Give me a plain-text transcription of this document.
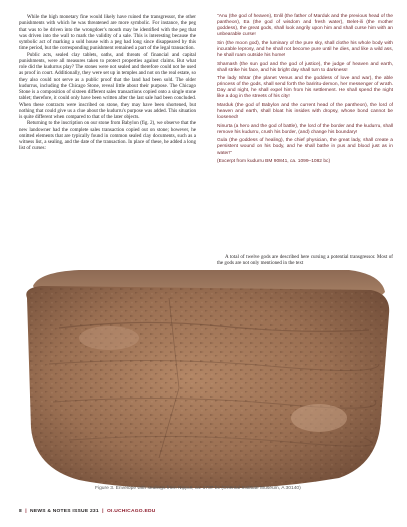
While the high monetary fine would likely have ruined the transgressor, the other punishments with which he was threatened are more symbolic. For instance, the peg that was to be driven into the wrongdoer's mouth may be identified with the peg that was driven into the wall to mark the validity of a sale. This is interesting because the symbolic act of marking a sold house with a peg had long since disappeared by this time period, but the corresponding punishment remained a part of the legal transaction.

Public acts, sealed clay tablets, oaths, and threats of financial and capital punishments, were all measures taken to protect properties against claims. But what role did the kudurrus play? The stones were not sealed and therefore could not be used as proof in court. Additionally, they were set up in temples and not on the real estate, so they also could not serve as a public proof that the land had been sold. The older kudurrus, including the Chicago Stone, reveal little about their purpose. The Chicago Stone is a composition of sixteen different sales transactions copied onto a single stone tablet; therefore, it could only have been written after the last sale had been concluded. When these contracts were inscribed on stone, they may have been shortened, but nothing that could give us a clue about the kudurru's purpose was added. This situation is quite different when compared to that of the later objects.

Returning to the inscription on our stone from Babylon (fig. 2), we observe that the new landowner had the complete sales transaction copied out on stone; however, he omitted elements that are typically found in common sealed clay documents, such as a witness list, a sealing, and the date of the transaction. In place of these, he added a long list of curses:

"Anu (the god of heaven), Enlil (the father of Marduk and the previous head of the pantheon), Ea (the god of wisdom and fresh water), Belet-ili (the mother goddess), the great gods, shall look angrily upon him and shall curse him with an unbearable curse!

Sin (the moon god), the luminary of the pure sky, shall clothe his whole body with incurable leprosy, and he shall not become pure until he dies, and like a wild ass, he shall roam outside his home!

Shamash (the sun god and the god of justice), the judge of heaven and earth, shall strike his face, and his bright day shall turn to darkness!

The lady Ishtar (the planet Venus and the goddess of love and war), the able princess of the gods, shall send forth the bariritu-demon, her messenger of wrath. Day and night, he shall expel him from his settlement. He shall spend the night like a dog in the streets of his city!

Marduk (the god of Babylon and the current head of the pantheon), the lord of heaven and earth, shall bloat his insides with dropsy, whose bond cannot be loosened!

Ninurta (a hero and the god of battle), the lord of the border and the kudurru, shall remove his kudurru, crush his border, (and) change his boundary!

Gula (the goddess of healing), the chief physician, the great lady, shall create a persistent wound on his body, and he shall bathe in pus and blood just as in water!"

(Excerpt from kudurru BM 90841, ca. 1099–1082 bc)

A total of twelve gods are described here cursing a potential transgressor. Most of the gods are not only mentioned in the text

Figure 3. Envelope with sealings from Nippur, ca. 1737 bc (Oriental Institute Museum, A 30140)
8  |  NEWS & NOTES ISSUE 231  |  OI.UCHICAGO.EDU
